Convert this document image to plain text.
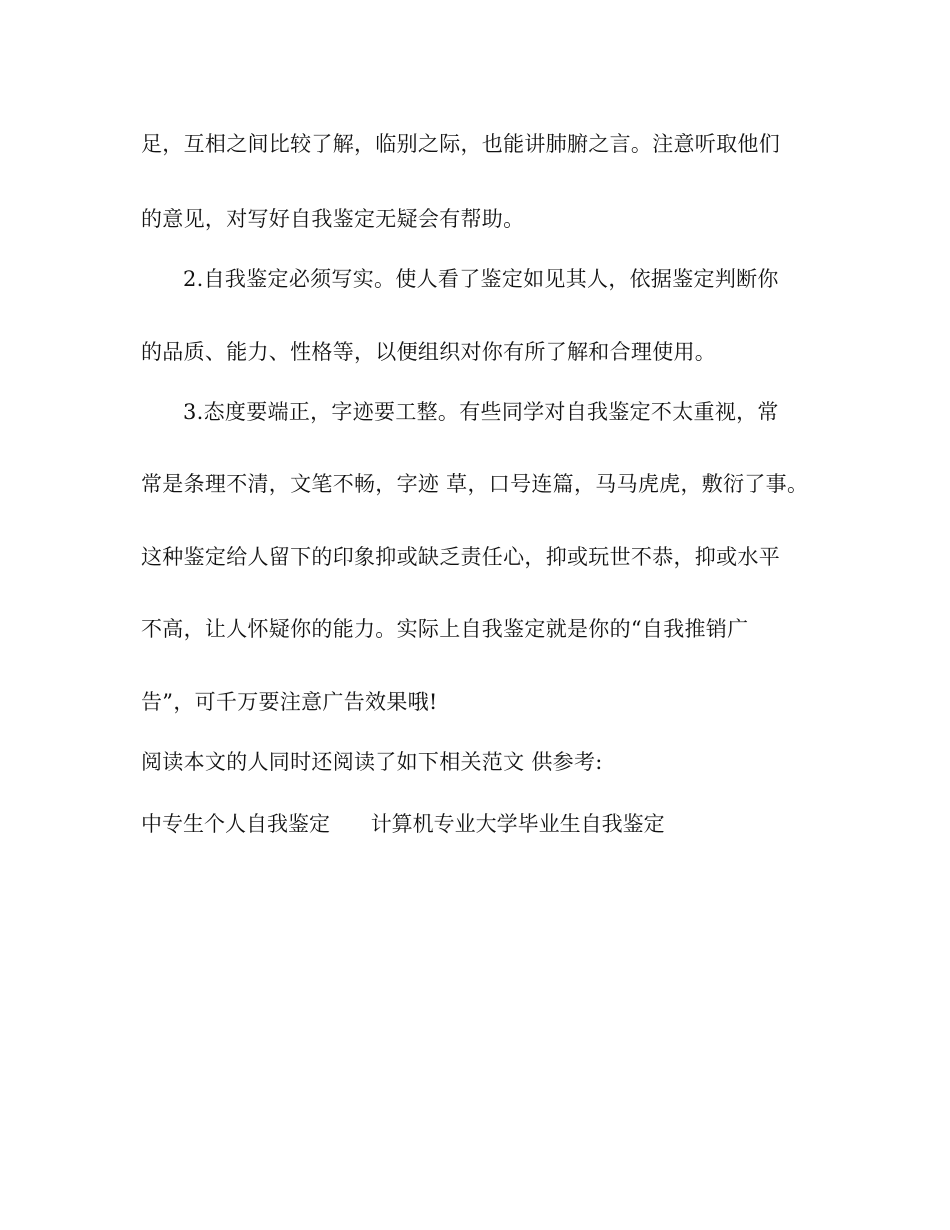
足，互相之间比较了解，临别之际，也能讲肺腑之言。注意听取他们
的意见，对写好自我鉴定无疑会有帮助。
2.自我鉴定必须写实。使人看了鉴定如见其人，依据鉴定判断你
的品质、能力、性格等，以便组织对你有所了解和合理使用。
3.态度要端正，字迹要工整。有些同学对自我鉴定不太重视，常
常是条理不清，文笔不畅，字迹 草，口号连篇，马马虎虎，敷衍了事。
这种鉴定给人留下的印象抑或缺乏责任心，抑或玩世不恭，抑或水平
不高，让人怀疑你的能力。实际上自我鉴定就是你的“自我推销广
告”，可千万要注意广告效果哦!
阅读本文的人同时还阅读了如下相关范文 供参考:
中专生个人自我鉴定 计算机专业大学毕业生自我鉴定
